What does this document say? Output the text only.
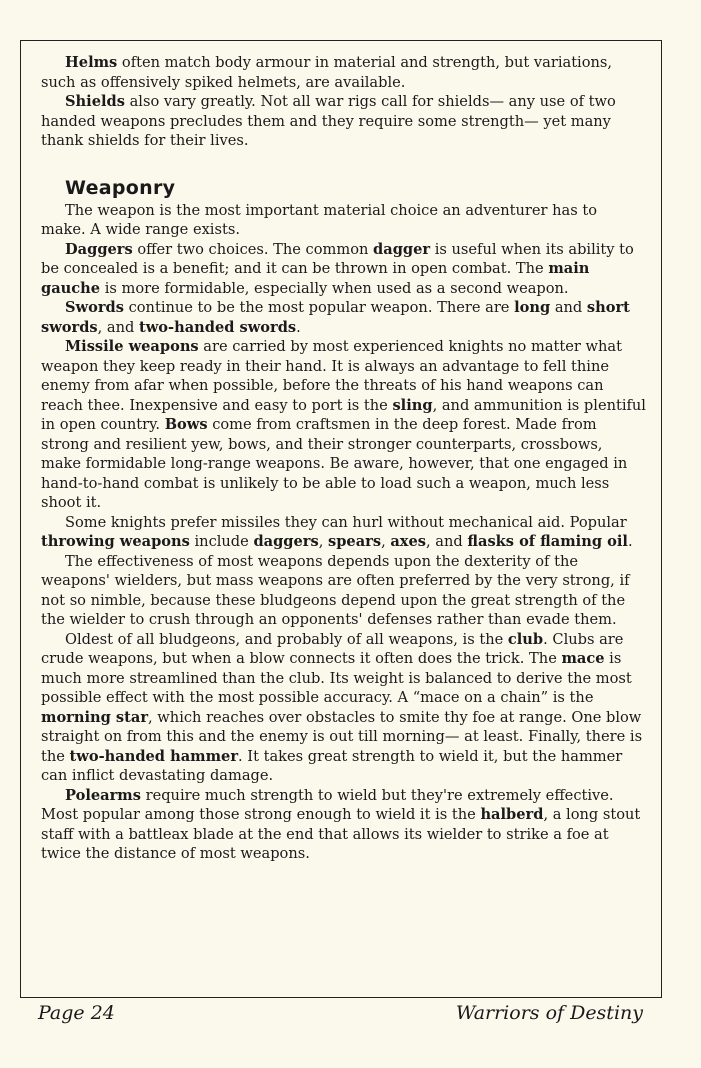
Helms often match body armour in material and strength, but variations, such as offensively spiked helmets, are available.

Shields also vary greatly. Not all war rigs call for shields— any use of two handed weapons precludes them and they require some strength— yet many thank shields for their lives.

Weaponry

The weapon is the most important material choice an adventurer has to make. A wide range exists.

Daggers offer two choices. The common dagger is useful when its ability to be concealed is a benefit; and it can be thrown in open combat. The main gauche is more formidable, especially when used as a second weapon.

Swords continue to be the most popular weapon. There are long and short swords, and two-handed swords.

Missile weapons are carried by most experienced knights no matter what weapon they keep ready in their hand. It is always an advantage to fell thine enemy from afar when possible, before the threats of his hand weapons can reach thee. Inexpensive and easy to port is the sling, and ammunition is plentiful in open country. Bows come from craftsmen in the deep forest. Made from strong and resilient yew, bows, and their stronger counterparts, crossbows, make formidable long-range weapons. Be aware, however, that one engaged in hand-to-hand combat is unlikely to be able to load such a weapon, much less shoot it.

Some knights prefer missiles they can hurl without mechanical aid. Popular throwing weapons include daggers, spears, axes, and flasks of flaming oil.

The effectiveness of most weapons depends upon the dexterity of the weapons' wielders, but mass weapons are often preferred by the very strong, if not so nimble, because these bludgeons depend upon the great strength of the the wielder to crush through an opponents' defenses rather than evade them.

Oldest of all bludgeons, and probably of all weapons, is the club. Clubs are crude weapons, but when a blow connects it often does the trick. The mace is much more streamlined than the club. Its weight is balanced to derive the most possible effect with the most possible accuracy. A “mace on a chain” is the morning star, which reaches over obstacles to smite thy foe at range. One blow straight on from this and the enemy is out till morning— at least. Finally, there is the two-handed hammer. It takes great strength to wield it, but the hammer can inflict devastating damage.

Polearms require much strength to wield but they're extremely effective. Most popular among those strong enough to wield it is the halberd, a long stout staff with a battleax blade at the end that allows its wielder to strike a foe at twice the distance of most weapons.

Page 24	Warriors of Destiny
